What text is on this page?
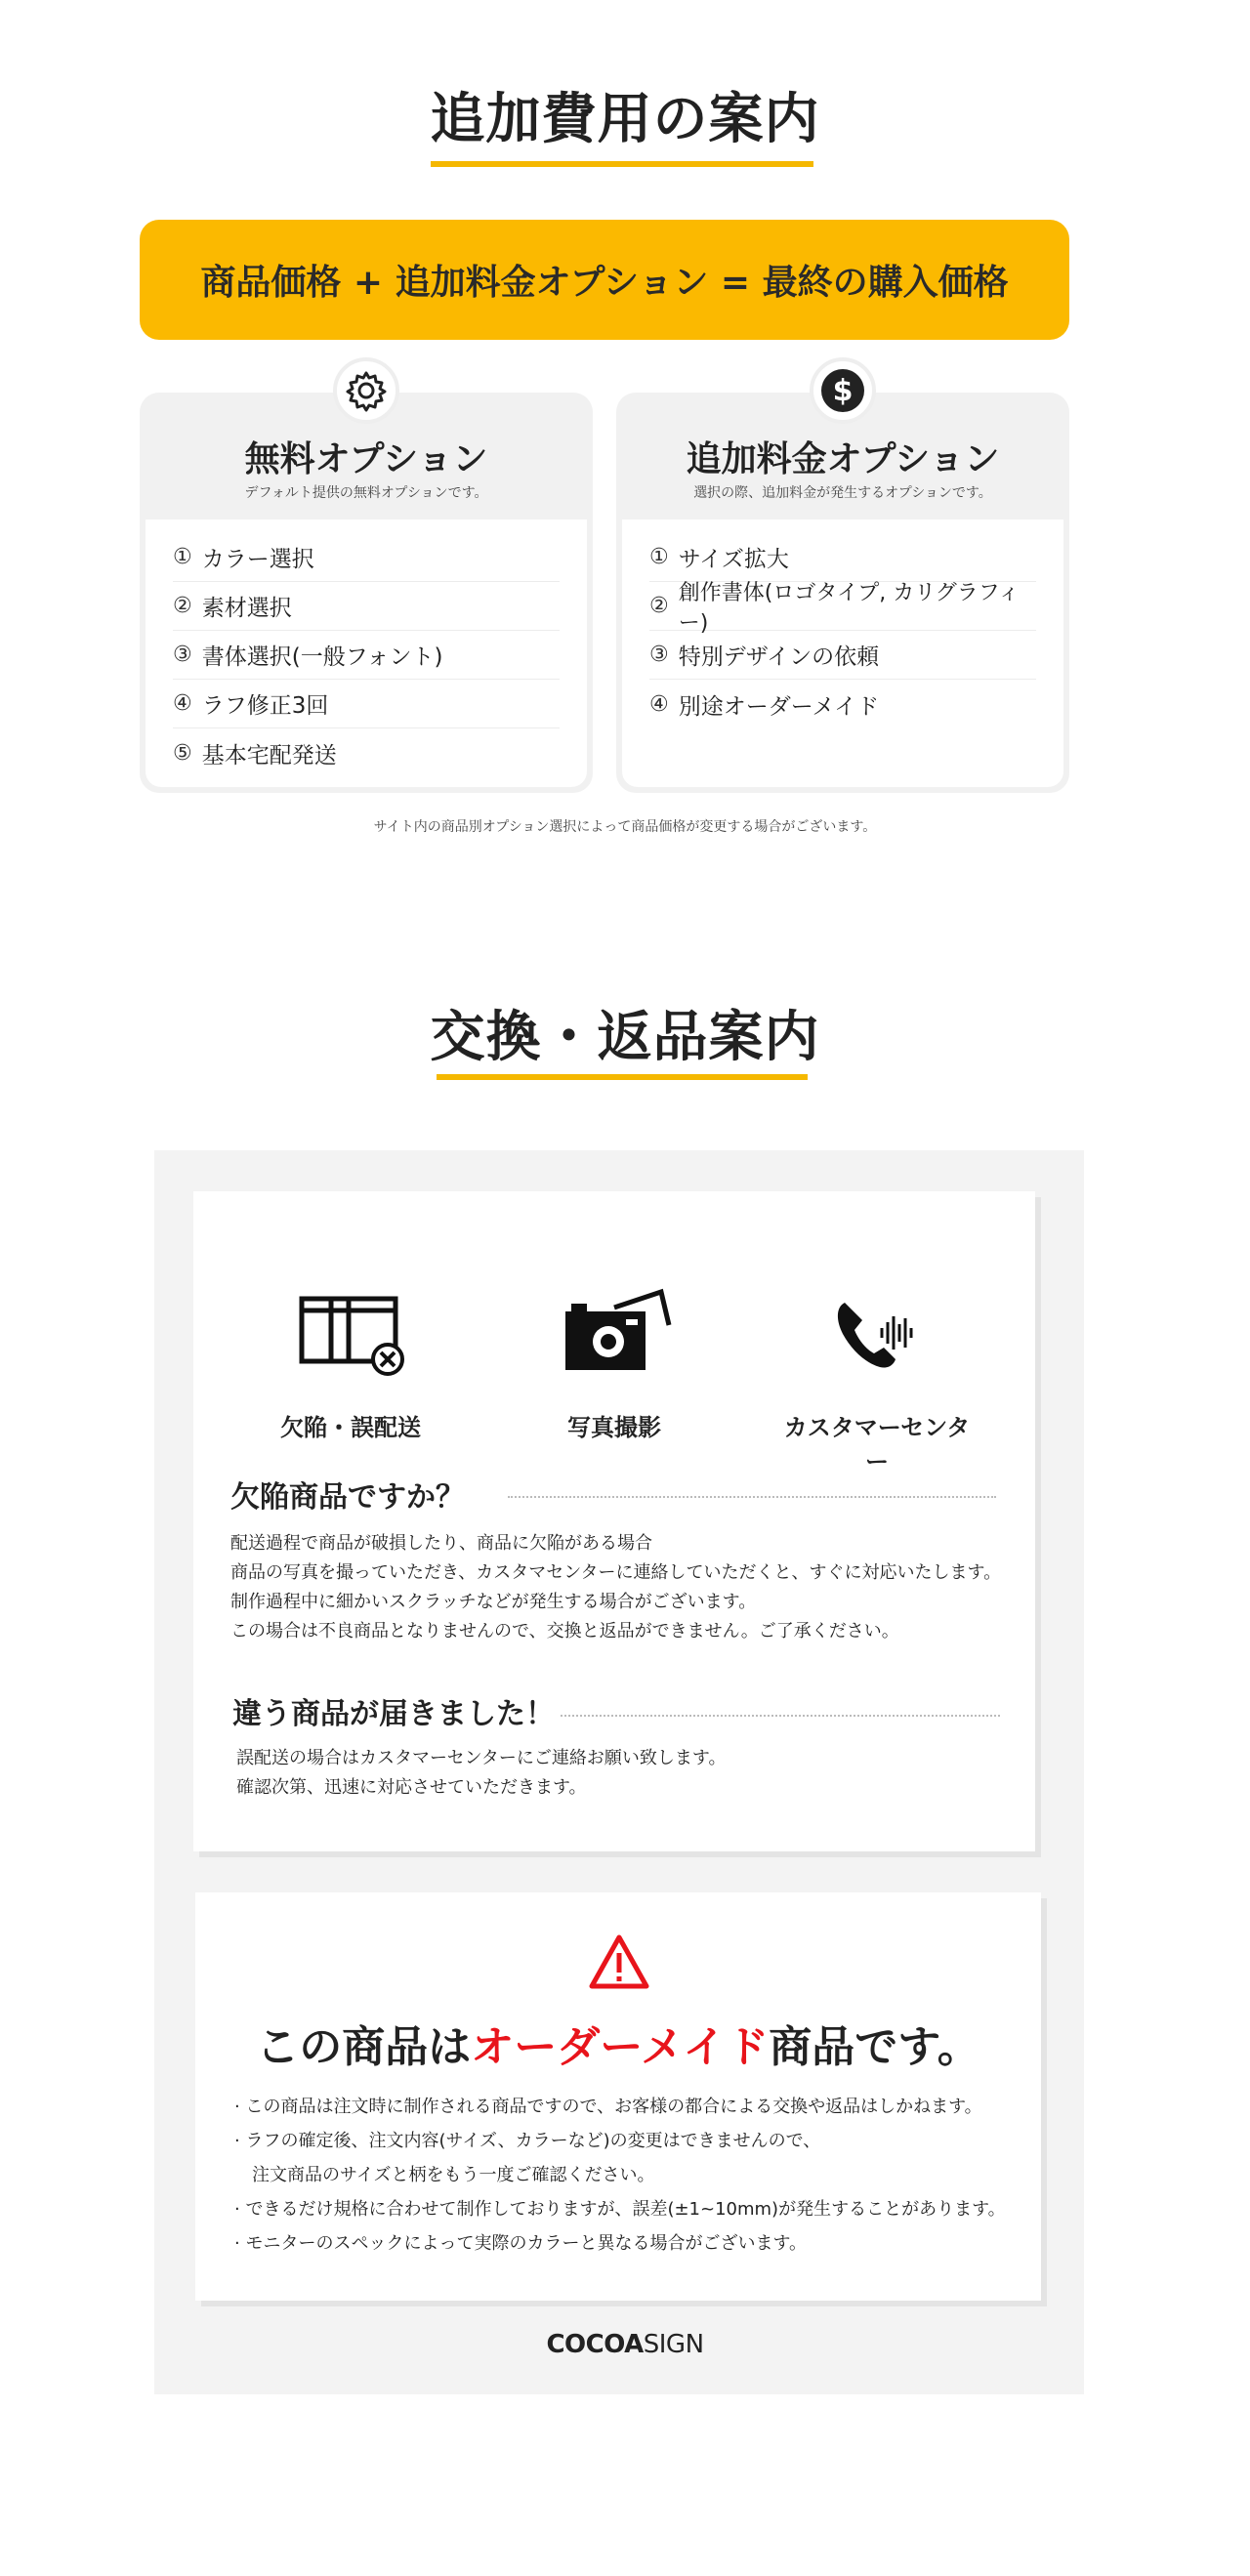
追加費用の案内
商品価格 + 追加料金オプション = 最終の購入価格
無料オプション
デフォルト提供の無料オプションです。
① カラー選択
② 素材選択
③ 書体選択(一般フォント)
④ ラフ修正3回
⑤ 基本宅配発送
$
追加料金オプション
選択の際、追加料金が発生するオプションです。
① サイズ拡大
②
創作書体(ロゴタイプ, カリグラフィー)
③ 特別デザインの依頼
④ 別途オーダーメイド
サイト内の商品別オプション選択によって商品価格が変更する場合がございます。
交換・返品案内
欠陥・誤配送	写真撮影	カスタマーセンター
欠陥商品ですか？
配送過程で商品が破損したり、商品に欠陥がある場合
商品の写真を撮っていただき、カスタマセンターに連絡していただくと、すぐに対応いたします。
制作過程中に細かいスクラッチなどが発生する場合がございます。
この場合は不良商品となりませんので、交換と返品ができません。ご了承ください。
違う商品が届きました！
誤配送の場合はカスタマーセンターにご連絡お願い致します。
確認次第、迅速に対応させていただきます。
この商品はオーダーメイド商品です。
· この商品は注文時に制作される商品ですので、お客様の都合による交換や返品はしかねます。
· ラフの確定後、注文内容(サイズ、カラーなど)の変更はできませんので、
　注文商品のサイズと柄をもう一度ご確認ください。
· できるだけ規格に合わせて制作しておりますが、誤差(±1~10mm)が発生することがあります。
· モニターのスペックによって実際のカラーと異なる場合がございます。
COCOASIGN
